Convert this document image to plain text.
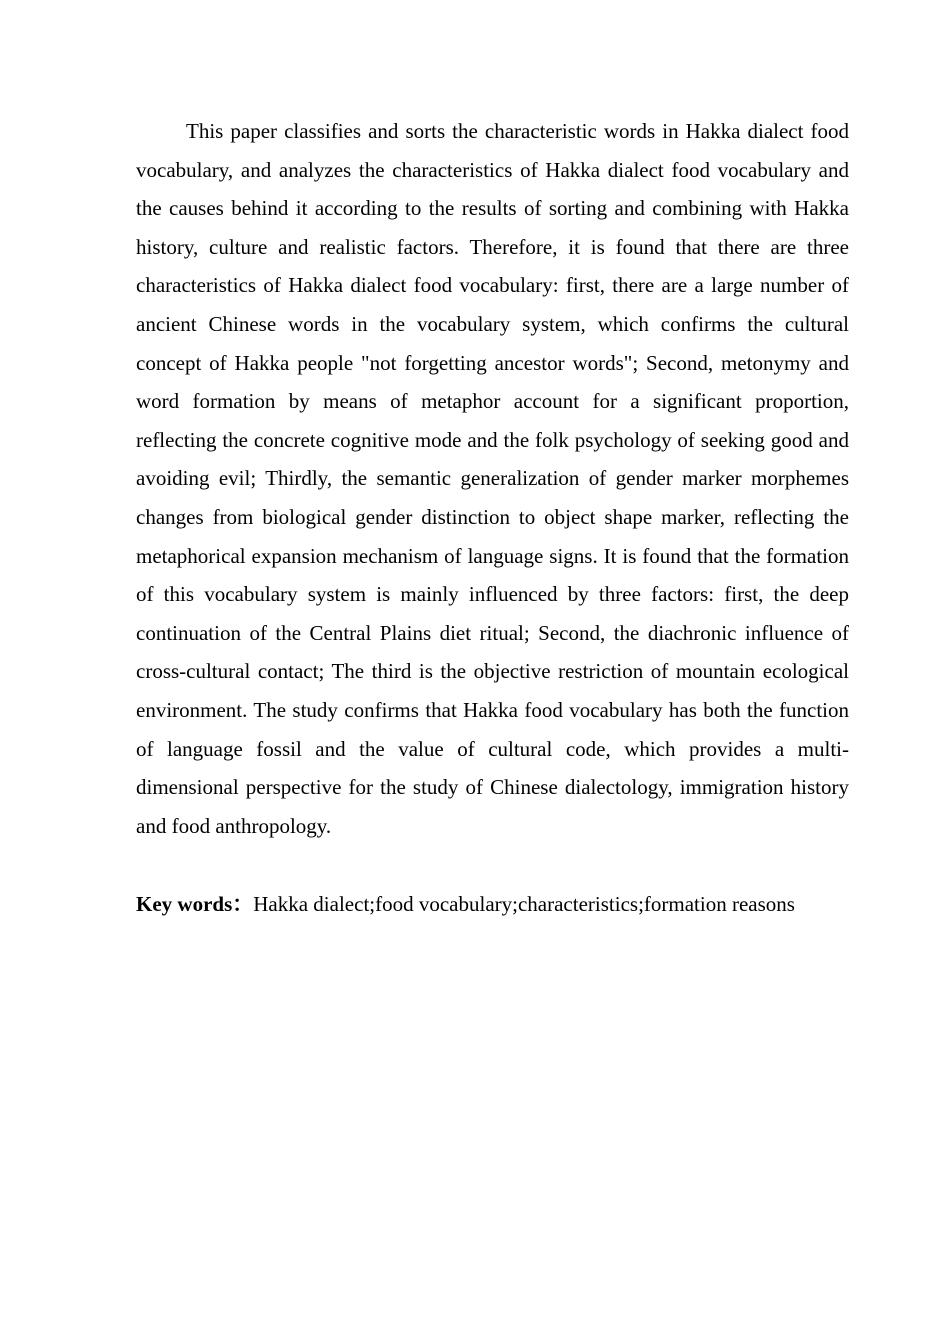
This paper classifies and sorts the characteristic words in Hakka dialect food vocabulary, and analyzes the characteristics of Hakka dialect food vocabulary and the causes behind it according to the results of sorting and combining with Hakka history, culture and realistic factors. Therefore, it is found that there are three characteristics of Hakka dialect food vocabulary: first, there are a large number of ancient Chinese words in the vocabulary system, which confirms the cultural concept of Hakka people "not forgetting ancestor words"; Second, metonymy and word formation by means of metaphor account for a significant proportion, reflecting the concrete cognitive mode and the folk psychology of seeking good and avoiding evil; Thirdly, the semantic generalization of gender marker morphemes changes from biological gender distinction to object shape marker, reflecting the metaphorical expansion mechanism of language signs. It is found that the formation of this vocabulary system is mainly influenced by three factors: first, the deep continuation of the Central Plains diet ritual; Second, the diachronic influence of cross-cultural contact; The third is the objective restriction of mountain ecological environment. The study confirms that Hakka food vocabulary has both the function of language fossil and the value of cultural code, which provides a multi-dimensional perspective for the study of Chinese dialectology, immigration history and food anthropology.

Key words：Hakka dialect;food vocabulary;characteristics;formation reasons
